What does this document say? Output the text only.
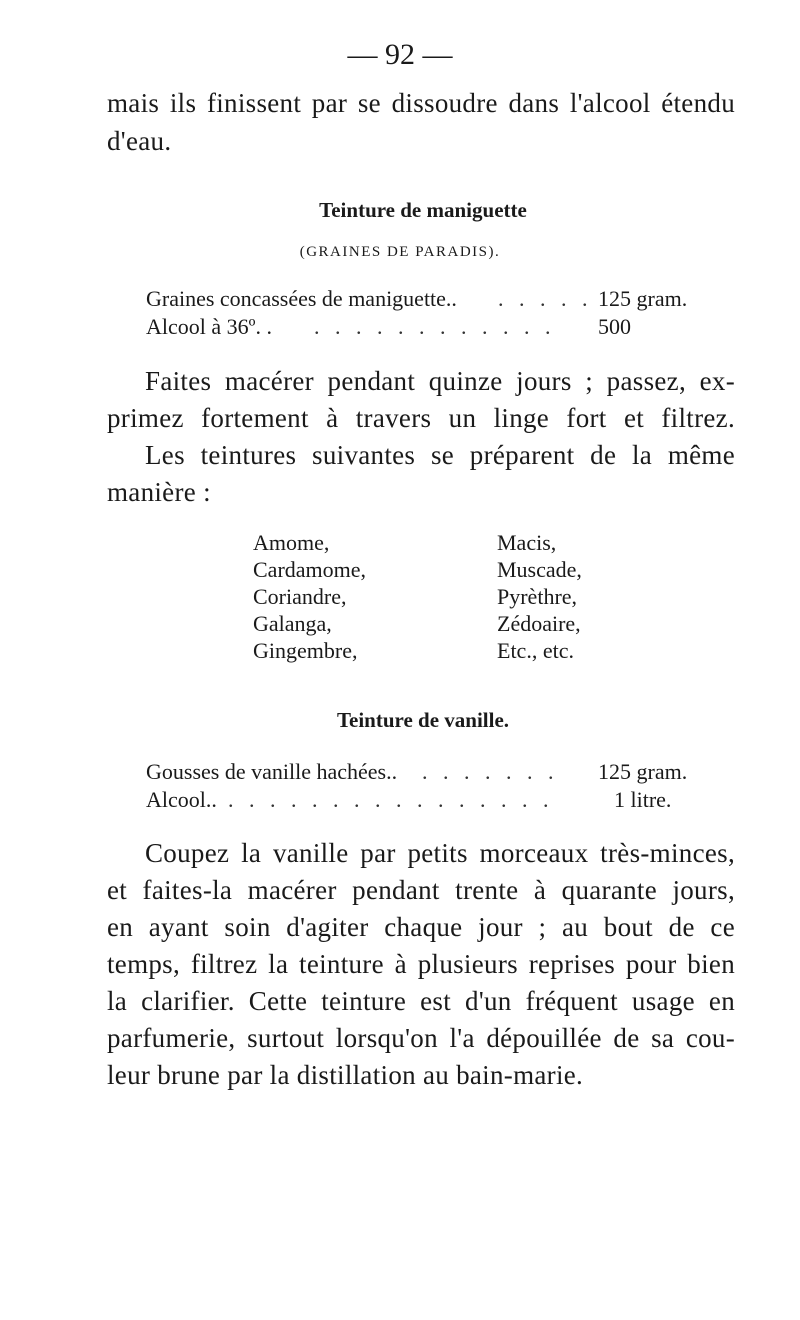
— 92 —
mais ils finissent par se dissoudre dans l'alcool étendu
d'eau.
Teinture de maniguette
(GRAINES DE PARADIS).
Graines concassées de maniguette.. . . . . . 125 gram.
Alcool à 36º. . . . . . . . . . . . . . 500
Faites macérer pendant quinze jours ; passez, ex-
primez fortement à travers un linge fort et filtrez.
Les teintures suivantes se préparent de la même
manière :
Amome,
Cardamome,
Coriandre,
Galanga,
Gingembre,
Macis,
Muscade,
Pyrèthre,
Zédoaire,
Etc., etc.
Teinture de vanille.
Gousses de vanille hachées.. . . . . . . . 125 gram.
Alcool.. . . . . . . . . . . . . . . . .	1 litre.
Coupez la vanille par petits morceaux très-minces,
et faites-la macérer pendant trente à quarante jours,
en ayant soin d'agiter chaque jour ; au bout de ce
temps, filtrez la teinture à plusieurs reprises pour bien
la clarifier. Cette teinture est d'un fréquent usage en
parfumerie, surtout lorsqu'on l'a dépouillée de sa cou-
leur brune par la distillation au bain-marie.
